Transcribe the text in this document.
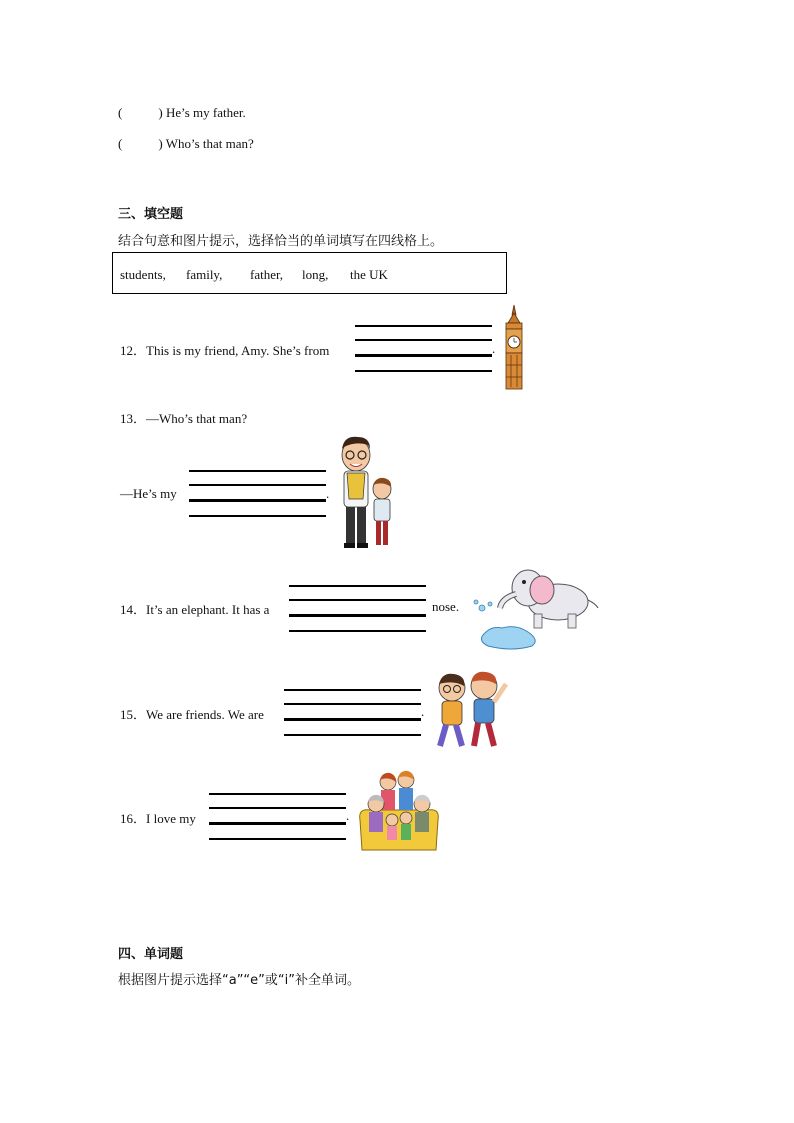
(	) He’s my father.
(	) Who’s that man?
三、填空题
结合句意和图片提示，选择恰当的单词填写在四线格上。
students, family, father, long, the UK
12．This is my friend, Amy. She’s from	.
13．—Who’s that man?
—He’s my	.
14．It’s an elephant. It has a	nose.
15．We are friends. We are	.
16．I love my	.
四、单词题
根据图片提示选择“a”“e”或“i”补全单词。
